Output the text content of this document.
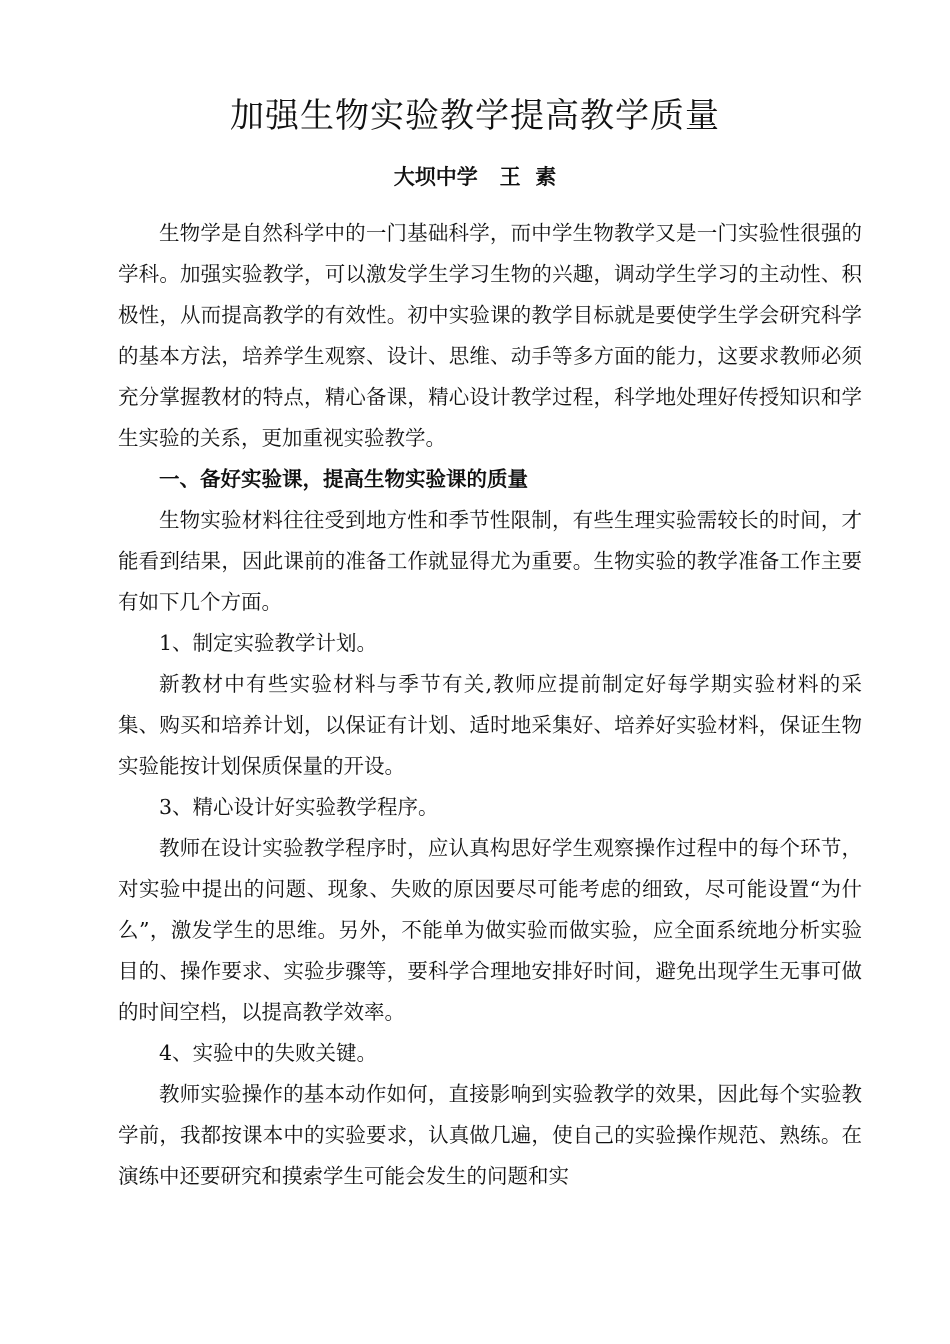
加强生物实验教学提高教学质量
大坝中学   王  素

生物学是自然科学中的一门基础科学，而中学生物教学又是一门实验性很强的学科。加强实验教学，可以激发学生学习生物的兴趣，调动学生学习的主动性、积极性，从而提高教学的有效性。初中实验课的教学目标就是要使学生学会研究科学的基本方法，培养学生观察、设计、思维、动手等多方面的能力，这要求教师必须充分掌握教材的特点，精心备课，精心设计教学过程，科学地处理好传授知识和学生实验的关系，更加重视实验教学。

一、备好实验课，提高生物实验课的质量

生物实验材料往往受到地方性和季节性限制，有些生理实验需较长的时间，才能看到结果，因此课前的准备工作就显得尤为重要。生物实验的教学准备工作主要有如下几个方面。

1、制定实验教学计划。

新教材中有些实验材料与季节有关,教师应提前制定好每学期实验材料的采集、购买和培养计划，以保证有计划、适时地采集好、培养好实验材料，保证生物实验能按计划保质保量的开设。

3、精心设计好实验教学程序。

教师在设计实验教学程序时，应认真构思好学生观察操作过程中的每个环节，对实验中提出的问题、现象、失败的原因要尽可能考虑的细致，尽可能设置“为什么”，激发学生的思维。另外，不能单为做实验而做实验，应全面系统地分析实验目的、操作要求、实验步骤等，要科学合理地安排好时间，避免出现学生无事可做的时间空档，以提高教学效率。

4、实验中的失败关键。

教师实验操作的基本动作如何，直接影响到实验教学的效果，因此每个实验教学前，我都按课本中的实验要求，认真做几遍，使自己的实验操作规范、熟练。在演练中还要研究和摸索学生可能会发生的问题和实
